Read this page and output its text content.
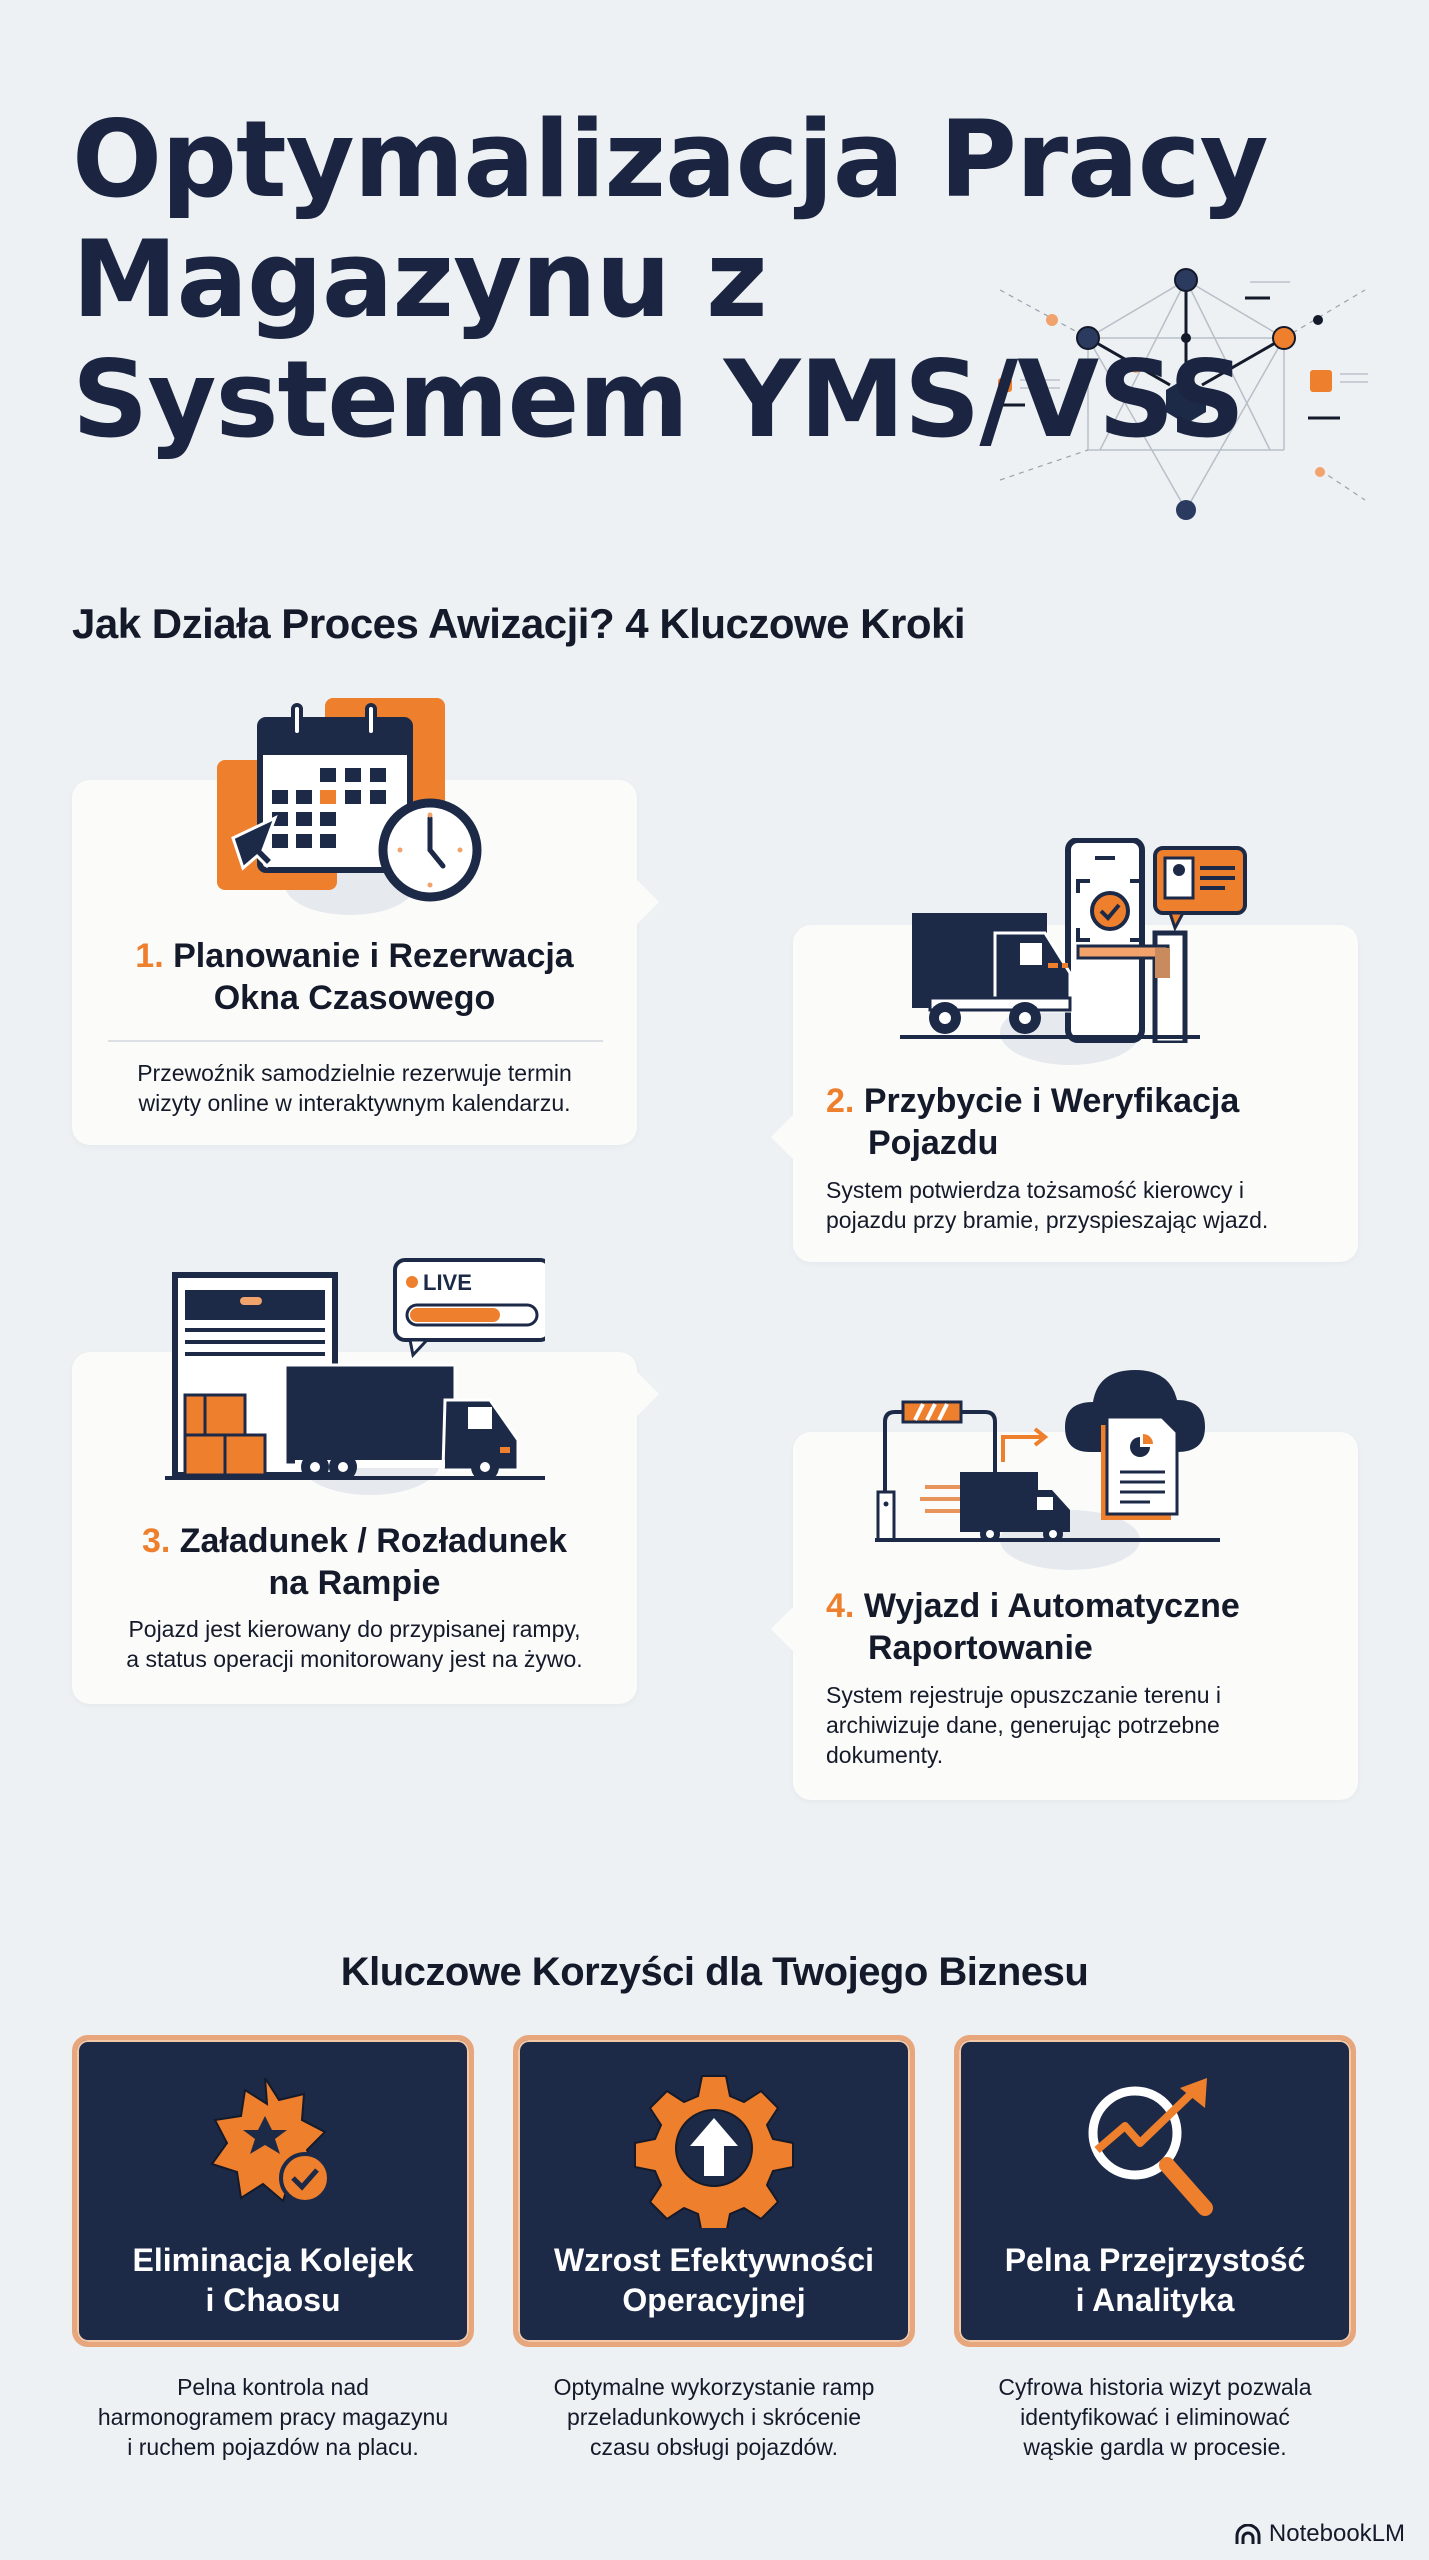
Optymalizacja Pracy
Magazynu z
Systemem YMS/VSS
Jak Działa Proces Awizacji? 4 Kluczowe Kroki
1. Planowanie i Rezerwacja
Okna Czasowego
Przewoźnik samodzielnie rezerwuje termin
wizyty online w interaktywnym kalendarzu.	2. Przybycie i Weryfikacja
Pojazdu
System potwierdza tożsamość kierowcy i
pojazdu przy bramie, przyspieszając wjazd.
LIVE
3. Załadunek / Rozładunek
na Rampie
Pojazd jest kierowany do przypisanej rampy,
a status operacji monitorowany jest na żywo.
4. Wyjazd i Automatyczne
Raportowanie
System rejestruje opuszczanie terenu i
archiwizuje dane, generując potrzebne
dokumenty.
Kluczowe Korzyści dla Twojego Biznesu
Eliminacja Kolejek
i Chaosu
Pelna kontrola nad
harmonogramem pracy magazynu
i ruchem pojazdów na placu.
Wzrost Efektywności
Operacyjnej
Optymalne wykorzystanie ramp
przeladunkowych i skrócenie
czasu obsługi pojazdów.
Pelna Przejrzystość
i Analityka
Cyfrowa historia wizyt pozwala
identyfikować i eliminować
wąskie gardla w procesie.
NotebookLM
